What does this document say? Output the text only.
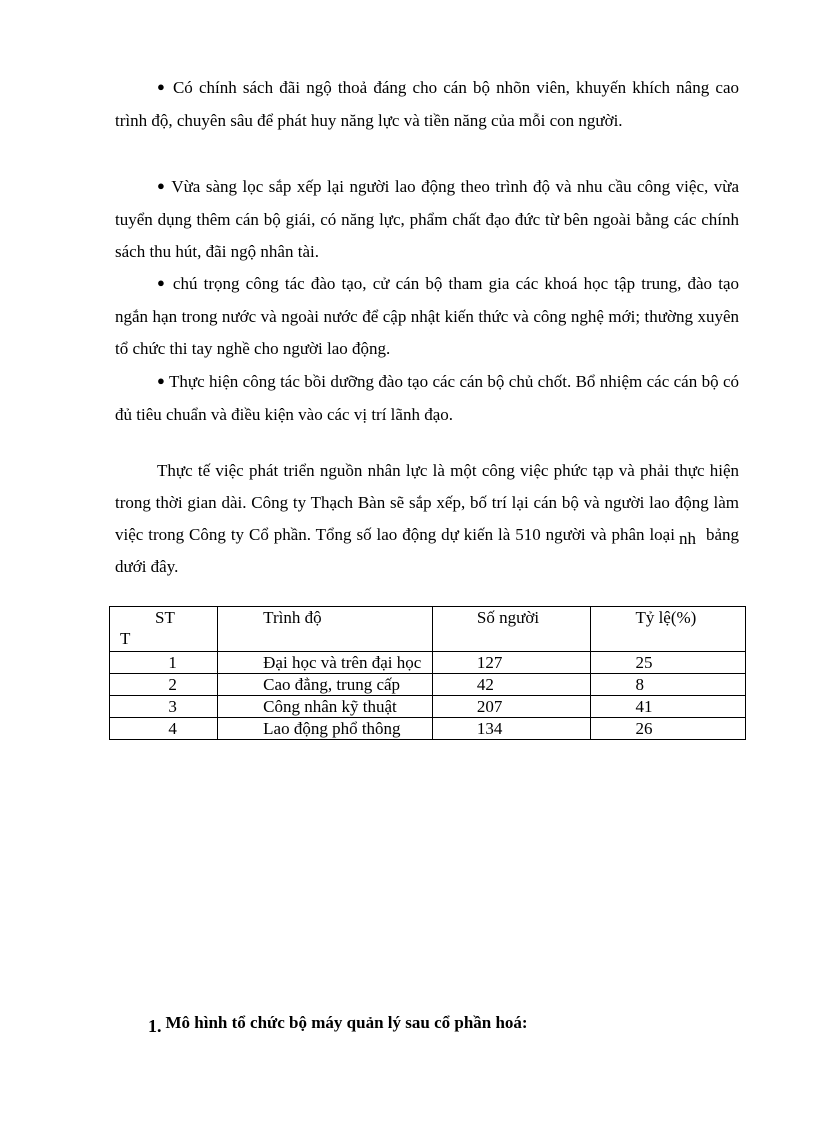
● Có chính sách đãi ngộ thoả đáng cho cán bộ nhõn viên, khuyến khích nâng cao trình độ, chuyên sâu để phát huy năng lực và tiền năng của mỗi con người.

● Vừa sàng lọc sắp xếp lại người lao động theo trình độ và nhu cầu công việc, vừa tuyển dụng thêm cán bộ giái, có năng lực, phẩm chất đạo đức từ bên ngoài bằng các chính sách thu hút, đãi ngộ nhân tài.

● chú trọng công tác đào tạo, cử cán bộ tham gia các khoá học tập trung, đào tạo ngắn hạn trong nước và ngoài nước để cập nhật kiến thức và công nghệ mới; thường xuyên tổ chức thi tay nghề cho người lao động.

● Thực hiện công tác bồi dưỡng đào tạo các cán bộ chủ chốt. Bổ nhiệm các cán bộ có đủ tiêu chuẩn và điều kiện vào các vị trí lãnh đạo.

Thực tế việc phát triển nguồn nhân lực là một công việc phức tạp và phải thực hiện trong thời gian dài. Công ty Thạch Bàn sẽ sắp xếp, bố trí lại cán bộ và người lao động làm việc trong Công ty Cổ phần. Tổng số lao động dự kiến là 510 người và phân loại nh bảng dưới đây.

ST
T	Trình độ	Số người	Tỷ lệ(%)
1	Đại học và trên đại học	127	25
2	Cao đẳng, trung cấp	42	8
3	Công nhân kỹ thuật	207	41
4	Lao động phổ thông	134	26

1. Mô hình tổ chức bộ máy quản lý sau cổ phần hoá:
